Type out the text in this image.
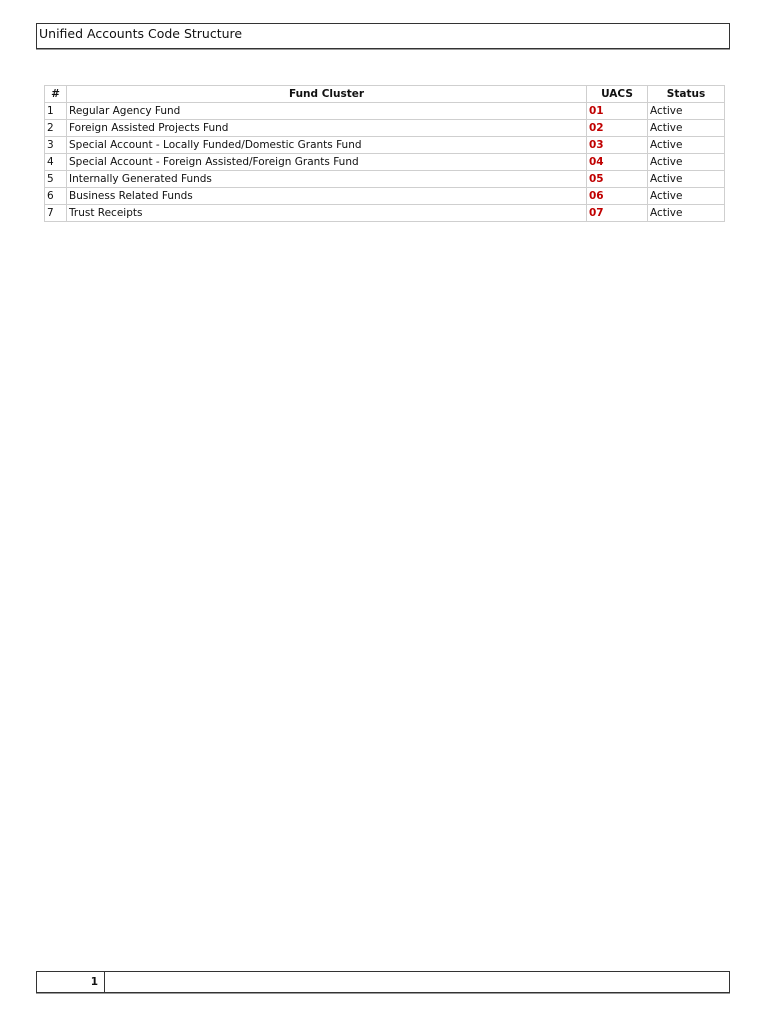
Unified Accounts Code Structure
#	Fund Cluster	UACS	Status
1	Regular Agency Fund	01	Active
2	Foreign Assisted Projects Fund	02	Active
3	Special Account - Locally Funded/Domestic Grants Fund	03	Active
4	Special Account - Foreign Assisted/Foreign Grants Fund	04	Active
5	Internally Generated Funds	05	Active
6	Business Related Funds	06	Active
7	Trust Receipts	07	Active
1
